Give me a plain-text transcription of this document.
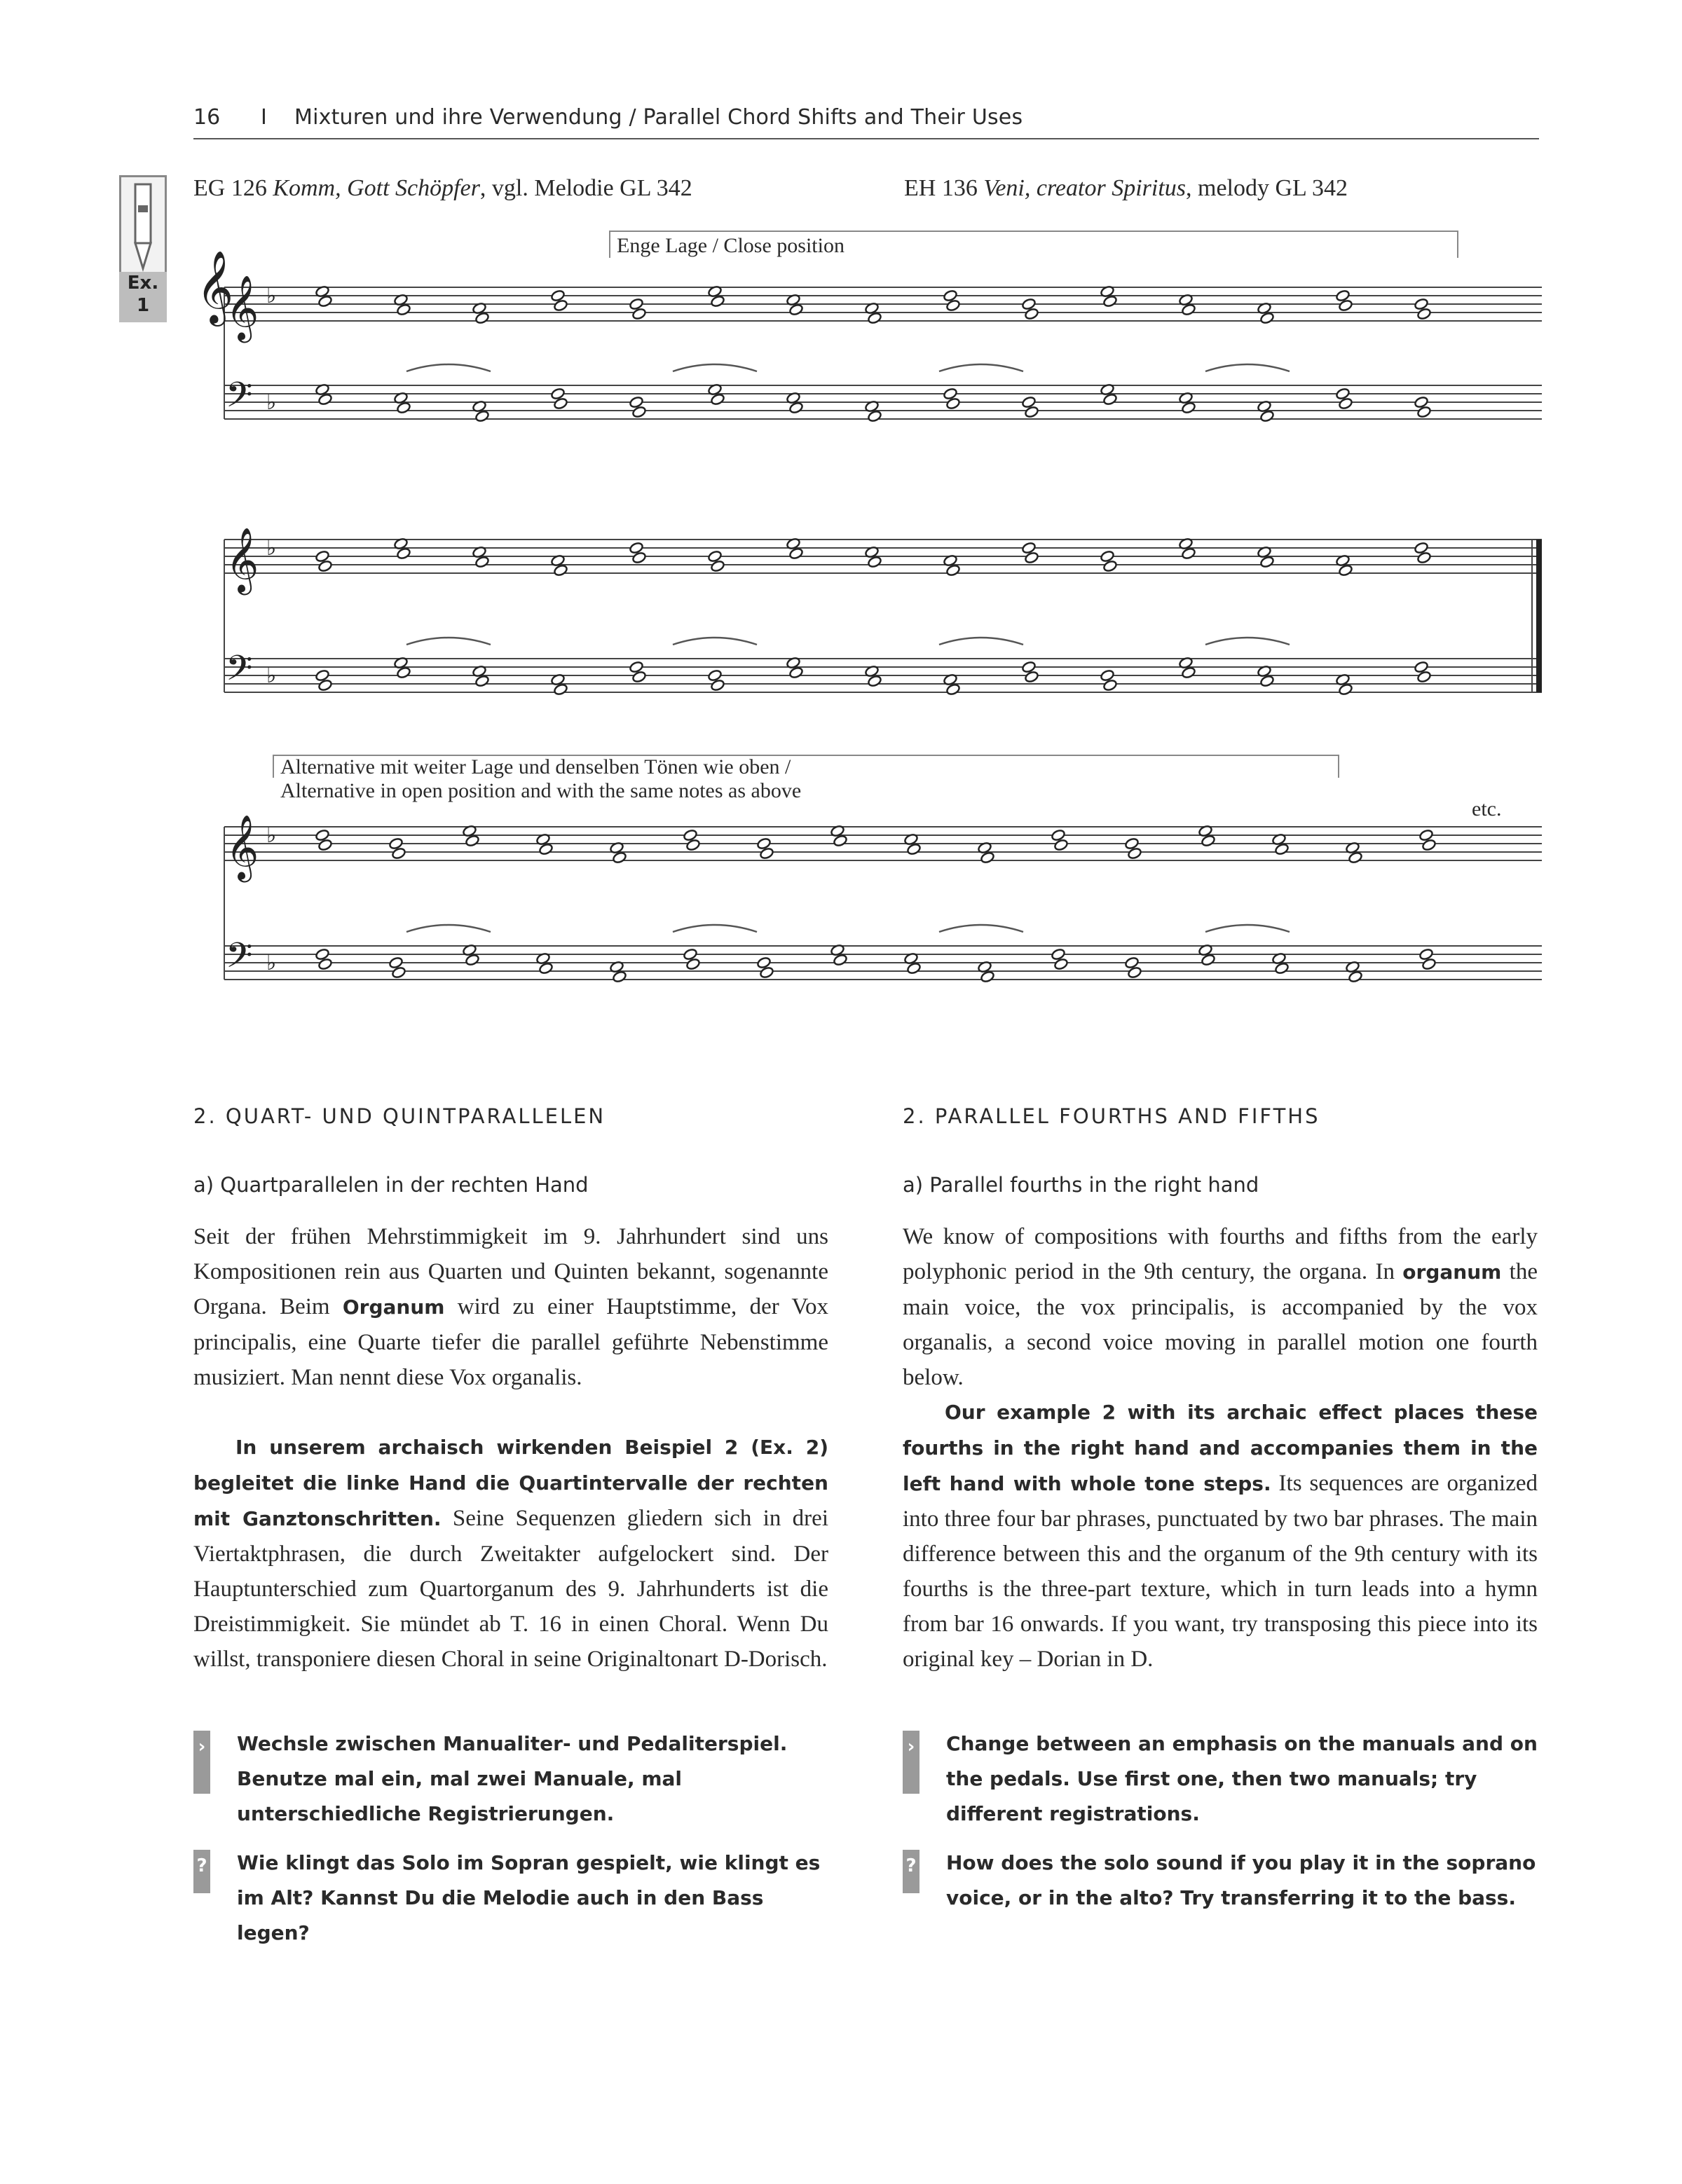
16 I Mixturen und ihre Verwendung / Parallel Chord Shifts and Their Uses
Ex.
1
EG 126 Komm, Gott Schöpfer, vgl. Melodie GL 342	EH 136 Veni, creator Spiritus, melody GL 342
𝄞 ♭
𝄢 ♭
𝄞 ♭
𝄢 ♭
𝄞 ♭
𝄢 ♭
𝄞
Enge Lage / Close position
Alternative mit weiter Lage und denselben Tönen wie oben /
Alternative in open position and with the same notes as above
etc.
2. QUART- UND QUINTPARALLELEN
a) Quartparallelen in der rechten Hand
Seit der frühen Mehrstimmigkeit im 9. Jahrhundert sind uns Kompositionen rein aus Quarten und Quinten bekannt, sogenannte Organa. Beim Organum wird zu einer Hauptstimme, der Vox principalis, eine Quarte tiefer die parallel geführte Nebenstimme musiziert. Man nennt diese Vox organalis.
In unserem archaisch wirkenden Beispiel 2 (Ex. 2) begleitet die linke Hand die Quartintervalle der rechten mit Ganztonschritten. Seine Sequenzen gliedern sich in drei Viertaktphrasen, die durch Zweitakter aufgelockert sind. Der Hauptunterschied zum Quartorganum des 9. Jahrhunderts ist die Dreistimmigkeit. Sie mündet ab T. 16 in einen Choral. Wenn Du willst, transponiere diesen Choral in seine Originaltonart D-Dorisch.
› Wechsle zwischen Manualiter- und Pedaliterspiel. Benutze mal ein, mal zwei Manuale, mal unterschiedliche Registrierungen.
? Wie klingt das Solo im Sopran gespielt, wie klingt es im Alt? Kannst Du die Melodie auch in den Bass legen?
2. PARALLEL FOURTHS AND FIFTHS
a) Parallel fourths in the right hand
We know of compositions with fourths and fifths from the early polyphonic period in the 9th century, the organa. In organum the main voice, the vox principalis, is accompanied by the vox organalis, a second voice moving in parallel motion one fourth below.
Our example 2 with its archaic effect places these fourths in the right hand and accompanies them in the left hand with whole tone steps. Its sequences are organized into three four bar phrases, punctuated by two bar phrases. The main difference between this and the organum of the 9th century with its fourths is the three-part texture, which in turn leads into a hymn from bar 16 onwards. If you want, try transposing this piece into its original key – Dorian in D.
› Change between an emphasis on the manuals and on the pedals. Use first one, then two manuals; try different registrations.
? How does the solo sound if you play it in the soprano voice, or in the alto? Try transferring it to the bass.
